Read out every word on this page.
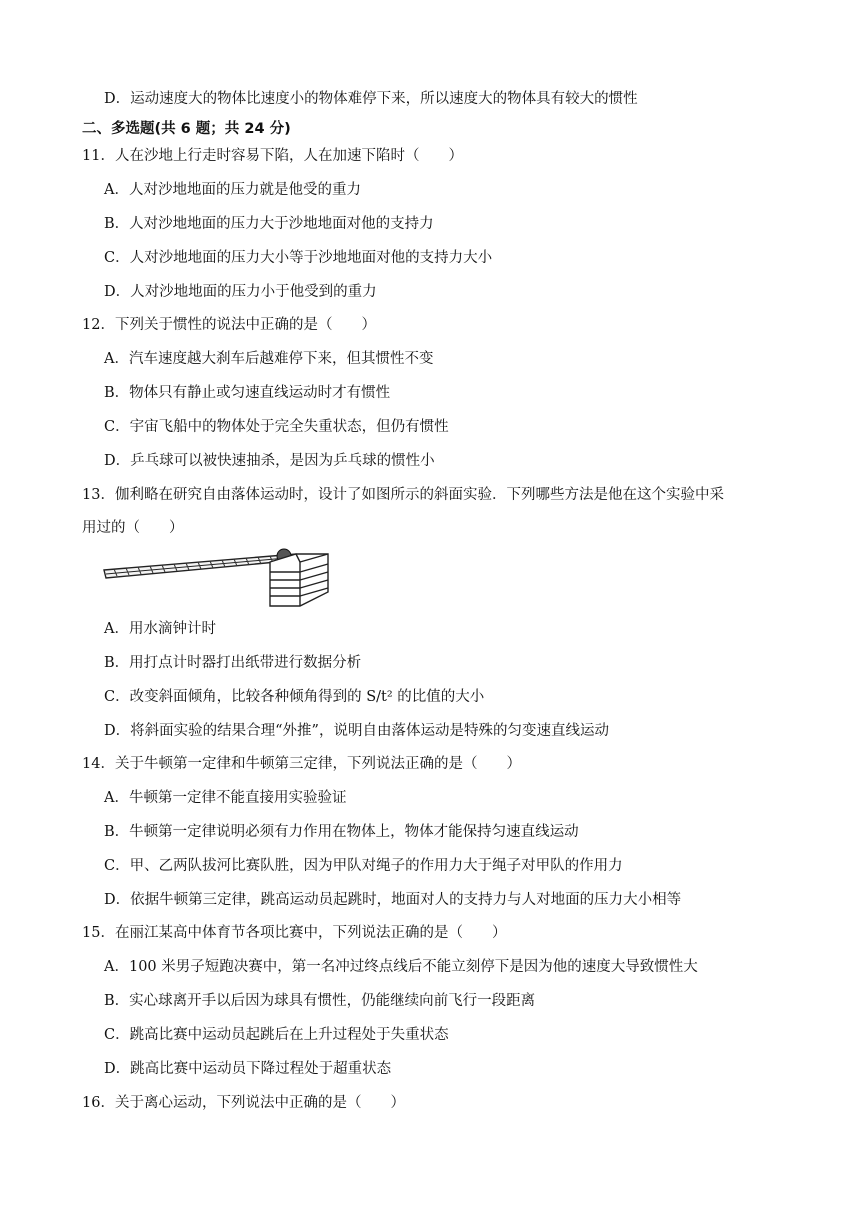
D．运动速度大的物体比速度小的物体难停下来，所以速度大的物体具有较大的惯性
二、多选题(共 6 题；共 24 分)
11．人在沙地上行走时容易下陷，人在加速下陷时（　　）
A．人对沙地地面的压力就是他受的重力
B．人对沙地地面的压力大于沙地地面对他的支持力
C．人对沙地地面的压力大小等于沙地地面对他的支持力大小
D．人对沙地地面的压力小于他受到的重力
12．下列关于惯性的说法中正确的是（　　）
A．汽车速度越大刹车后越难停下来，但其惯性不变
B．物体只有静止或匀速直线运动时才有惯性
C．宇宙飞船中的物体处于完全失重状态，但仍有惯性
D．乒乓球可以被快速抽杀，是因为乒乓球的惯性小
13．伽利略在研究自由落体运动时，设计了如图所示的斜面实验．下列哪些方法是他在这个实验中采
用过的（　　）
A．用水滴钟计时
B．用打点计时器打出纸带进行数据分析
C．改变斜面倾角，比较各种倾角得到的 S/t² 的比值的大小
D．将斜面实验的结果合理“外推”，说明自由落体运动是特殊的匀变速直线运动
14．关于牛顿第一定律和牛顿第三定律，下列说法正确的是（　　）
A．牛顿第一定律不能直接用实验验证
B．牛顿第一定律说明必须有力作用在物体上，物体才能保持匀速直线运动
C．甲、乙两队拔河比赛队胜，因为甲队对绳子的作用力大于绳子对甲队的作用力
D．依据牛顿第三定律，跳高运动员起跳时，地面对人的支持力与人对地面的压力大小相等
15．在丽江某高中体育节各项比赛中，下列说法正确的是（　　）
A．100 米男子短跑决赛中，第一名冲过终点线后不能立刻停下是因为他的速度大导致惯性大
B．实心球离开手以后因为球具有惯性，仍能继续向前飞行一段距离
C．跳高比赛中运动员起跳后在上升过程处于失重状态
D．跳高比赛中运动员下降过程处于超重状态
16．关于离心运动，下列说法中正确的是（　　）
